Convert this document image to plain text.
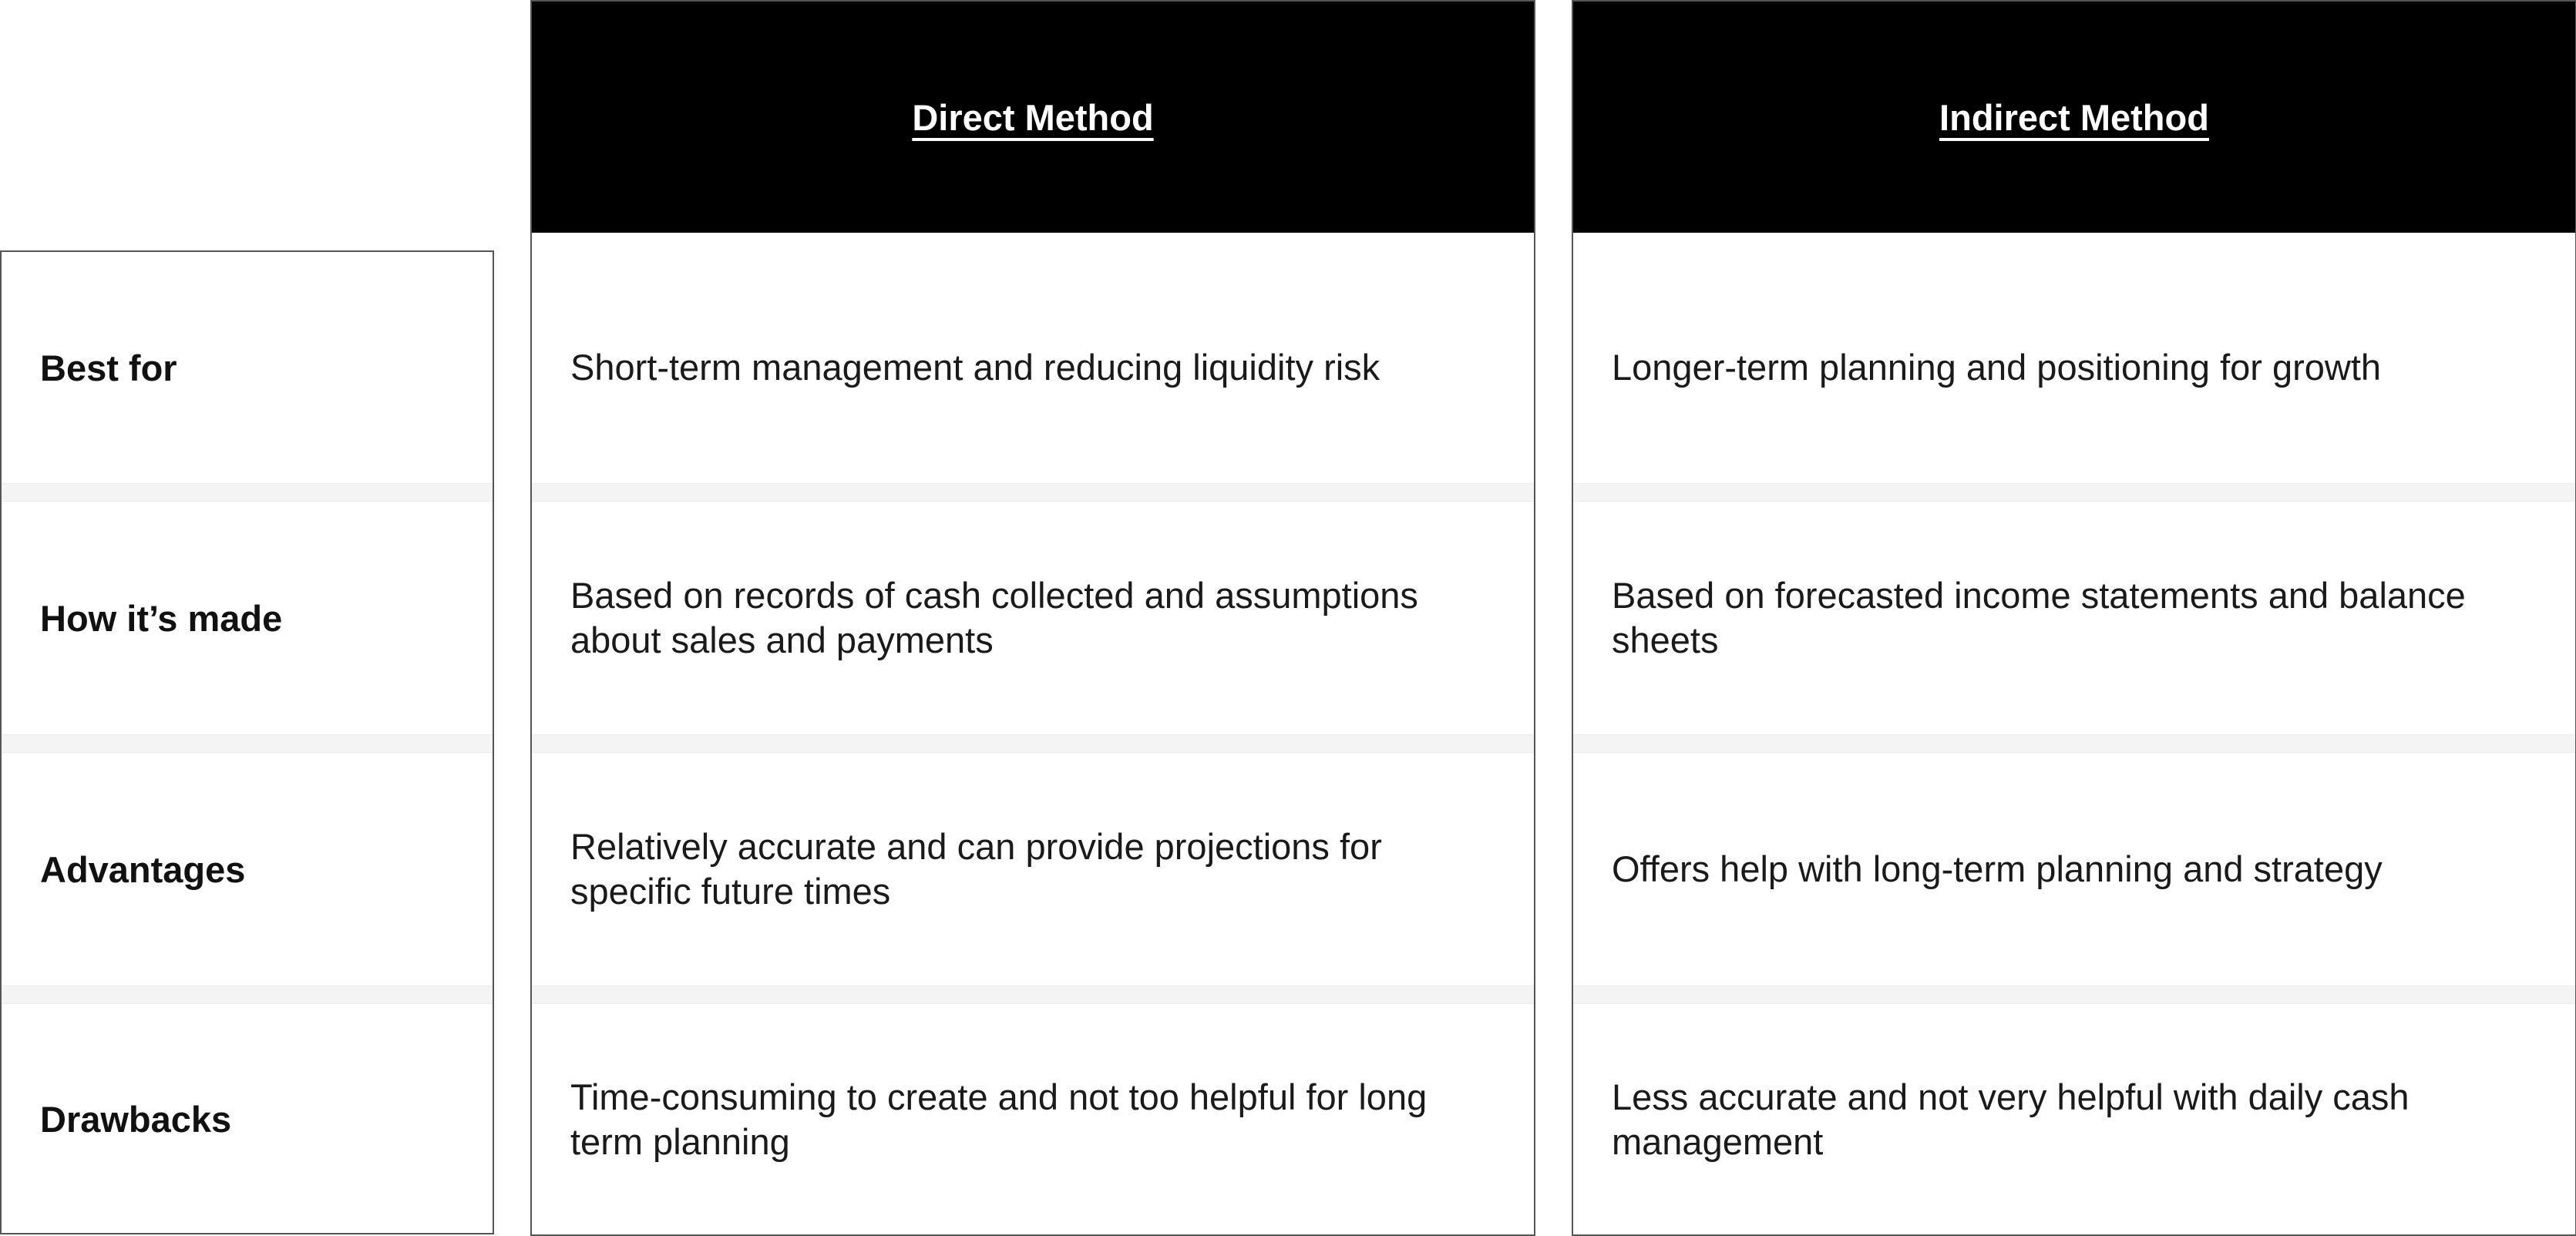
Best for
How it’s made
Advantages
Drawbacks
Direct Method
Short-term management and reducing liquidity risk
Based on records of cash collected and assumptions about sales and payments
Relatively accurate and can provide projections for specific future times
Time-consuming to create and not too helpful for long term planning
Indirect Method
Longer-term planning and positioning for growth
Based on forecasted income statements and balance sheets
Offers help with long-term planning and strategy
Less accurate and not very helpful with daily cash management
